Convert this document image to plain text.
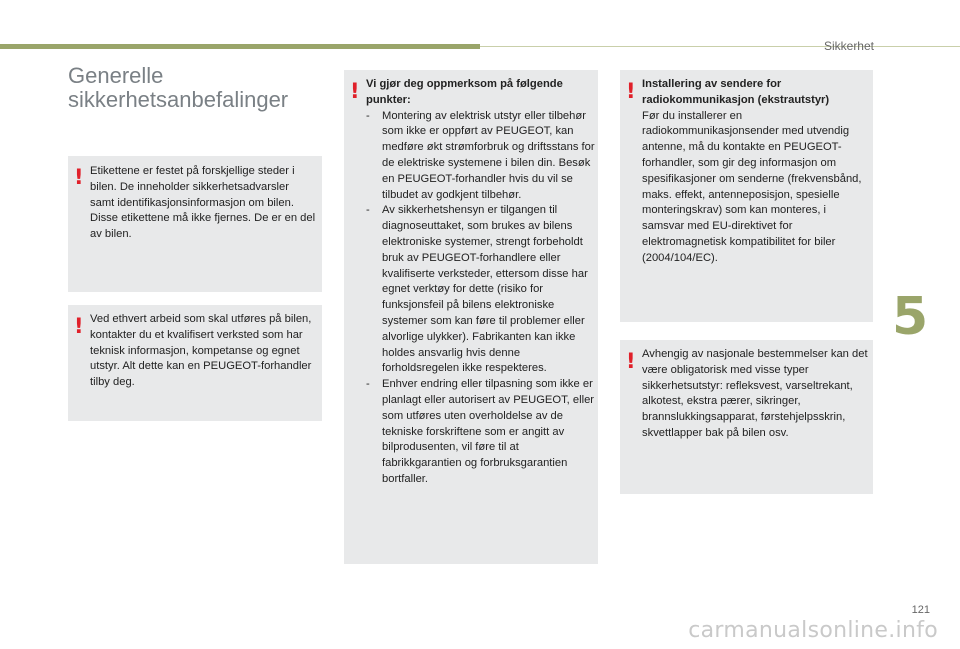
Sikkerhet
Generelle sikkerhetsanbefalinger
! Etikettene er festet på forskjellige steder i bilen. De inneholder sikkerhetsadvarsler samt identifikasjonsinformasjon om bilen. Disse etikettene må ikke fjernes. De er en del av bilen.

! Ved ethvert arbeid som skal utføres på bilen, kontakter du et kvalifisert verksted som har teknisk informasjon, kompetanse og egnet utstyr. Alt dette kan en PEUGEOT-forhandler tilby deg.

! Vi gjør deg oppmerksom på følgende punkter:
- Montering av elektrisk utstyr eller tilbehør som ikke er oppført av PEUGEOT, kan medføre økt strømforbruk og driftsstans for de elektriske systemene i bilen din. Besøk en PEUGEOT-forhandler hvis du vil se tilbudet av godkjent tilbehør.
- Av sikkerhetshensyn er tilgangen til diagnoseuttaket, som brukes av bilens elektroniske systemer, strengt forbeholdt bruk av PEUGEOT-forhandlere eller kvalifiserte verksteder, ettersom disse har egnet verktøy for dette (risiko for funksjonsfeil på bilens elektroniske systemer som kan føre til problemer eller alvorlige ulykker). Fabrikanten kan ikke holdes ansvarlig hvis denne forholdsregelen ikke respekteres.
- Enhver endring eller tilpasning som ikke er planlagt eller autorisert av PEUGEOT, eller som utføres uten overholdelse av de tekniske forskriftene som er angitt av bilprodusenten, vil føre til at fabrikkgarantien og forbruksgarantien bortfaller.
! Installering av sendere for radiokommunikasjon (ekstrautstyr)
Før du installerer en radiokommunikasjonsender med utvendig antenne, må du kontakte en PEUGEOT-forhandler, som gir deg informasjon om spesifikasjoner om senderne (frekvensbånd, maks. effekt, antenneposisjon, spesielle monteringskrav) som kan monteres, i samsvar med EU-direktivet for elektromagnetisk kompatibilitet for biler (2004/104/EC).
! Avhengig av nasjonale bestemmelser kan det være obligatorisk med visse typer sikkerhetsutstyr: refleksvest, varseltrekant, alkotest, ekstra pærer, sikringer, brannslukkingsapparat, førstehjelpsskrin, skvettlapper bak på bilen osv.

5
121
carmanualsonline.info
